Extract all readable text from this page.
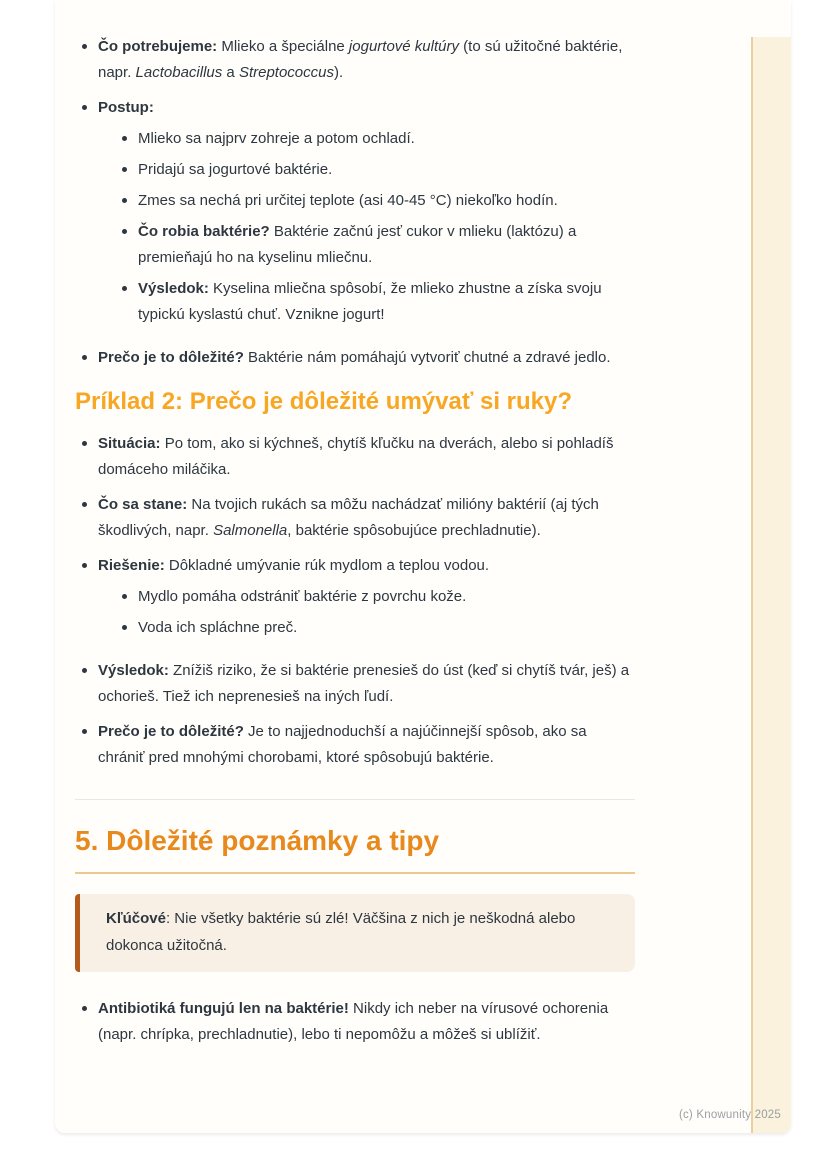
Čo potrebujeme: Mlieko a špeciálne jogurtové kultúry (to sú užitočné baktérie, napr. Lactobacillus a Streptococcus).
Postup:
Mlieko sa najprv zohreje a potom ochladí.
Pridajú sa jogurtové baktérie.
Zmes sa nechá pri určitej teplote (asi 40-45 °C) niekoľko hodín.
Čo robia baktérie? Baktérie začnú jesť cukor v mlieku (laktózu) a premieňajú ho na kyselinu mliečnu.
Výsledok: Kyselina mliečna spôsobí, že mlieko zhustne a získa svoju typickú kyslastú chuť. Vznikne jogurt!
Prečo je to dôležité? Baktérie nám pomáhajú vytvoriť chutné a zdravé jedlo.
Príklad 2: Prečo je dôležité umývať si ruky?
Situácia: Po tom, ako si kýchneš, chytíš kľučku na dverách, alebo si pohladíš domáceho miláčika.
Čo sa stane: Na tvojich rukách sa môžu nachádzať milióny baktérií (aj tých škodlivých, napr. Salmonella, baktérie spôsobujúce prechladnutie).
Riešenie: Dôkladné umývanie rúk mydlom a teplou vodou.
Mydlo pomáha odstrániť baktérie z povrchu kože.
Voda ich spláchne preč.
Výsledok: Znížiš riziko, že si baktérie prenesieš do úst (keď si chytíš tvár, ješ) a ochorieš. Tiež ich neprenesieš na iných ľudí.
Prečo je to dôležité? Je to najjednoduchší a najúčinnejší spôsob, ako sa chrániť pred mnohými chorobami, ktoré spôsobujú baktérie.
5. Dôležité poznámky a tipy
Kľúčové: Nie všetky baktérie sú zlé! Väčšina z nich je neškodná alebo dokonca užitočná.
Antibiotiká fungujú len na baktérie! Nikdy ich neber na vírusové ochorenia (napr. chrípka, prechladnutie), lebo ti nepomôžu a môžeš si ublížiť.
(c) Knowunity 2025
